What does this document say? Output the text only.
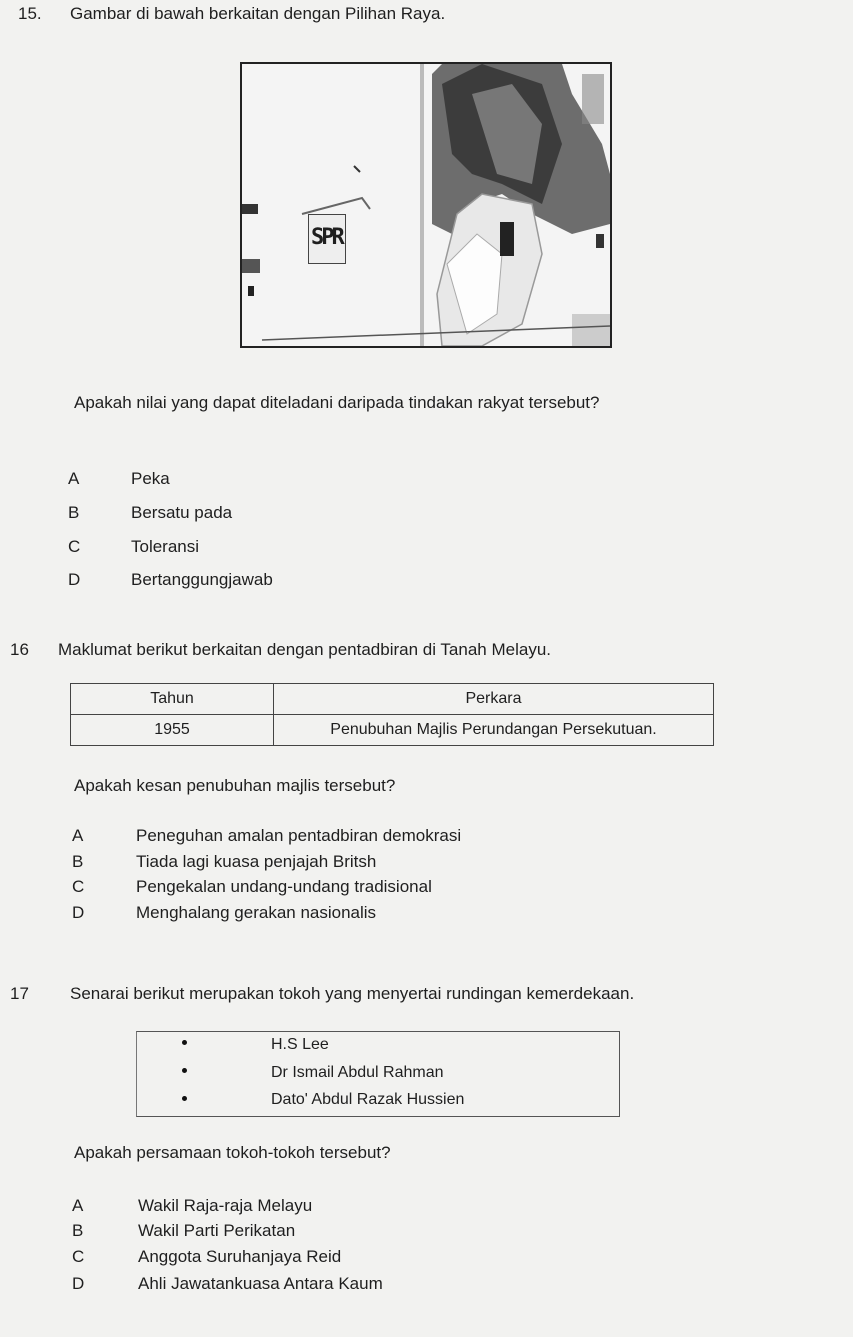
15. Gambar di bawah berkaitan dengan Pilihan Raya.
SPR
Apakah nilai yang dapat diteladani daripada tindakan rakyat tersebut?
A	Peka
B	Bersatu pada
C	Toleransi
D	Bertanggungjawab
16 Maklumat berikut berkaitan dengan pentadbiran di Tanah Melayu.
Tahun	Perkara
1955	Penubuhan Majlis Perundangan Persekutuan.
Apakah kesan penubuhan majlis tersebut?
A	Peneguhan amalan pentadbiran demokrasi
B	Tiada lagi kuasa penjajah Britsh
C	Pengekalan undang-undang tradisional
D	Menghalang gerakan nasionalis
17 Senarai berikut merupakan tokoh yang menyertai rundingan kemerdekaan.
H.S Lee
Dr Ismail Abdul Rahman
Dato' Abdul Razak Hussien
Apakah persamaan tokoh-tokoh tersebut?
A	Wakil Raja-raja Melayu
B	Wakil Parti Perikatan
C	Anggota Suruhanjaya Reid
D	Ahli Jawatankuasa Antara Kaum
